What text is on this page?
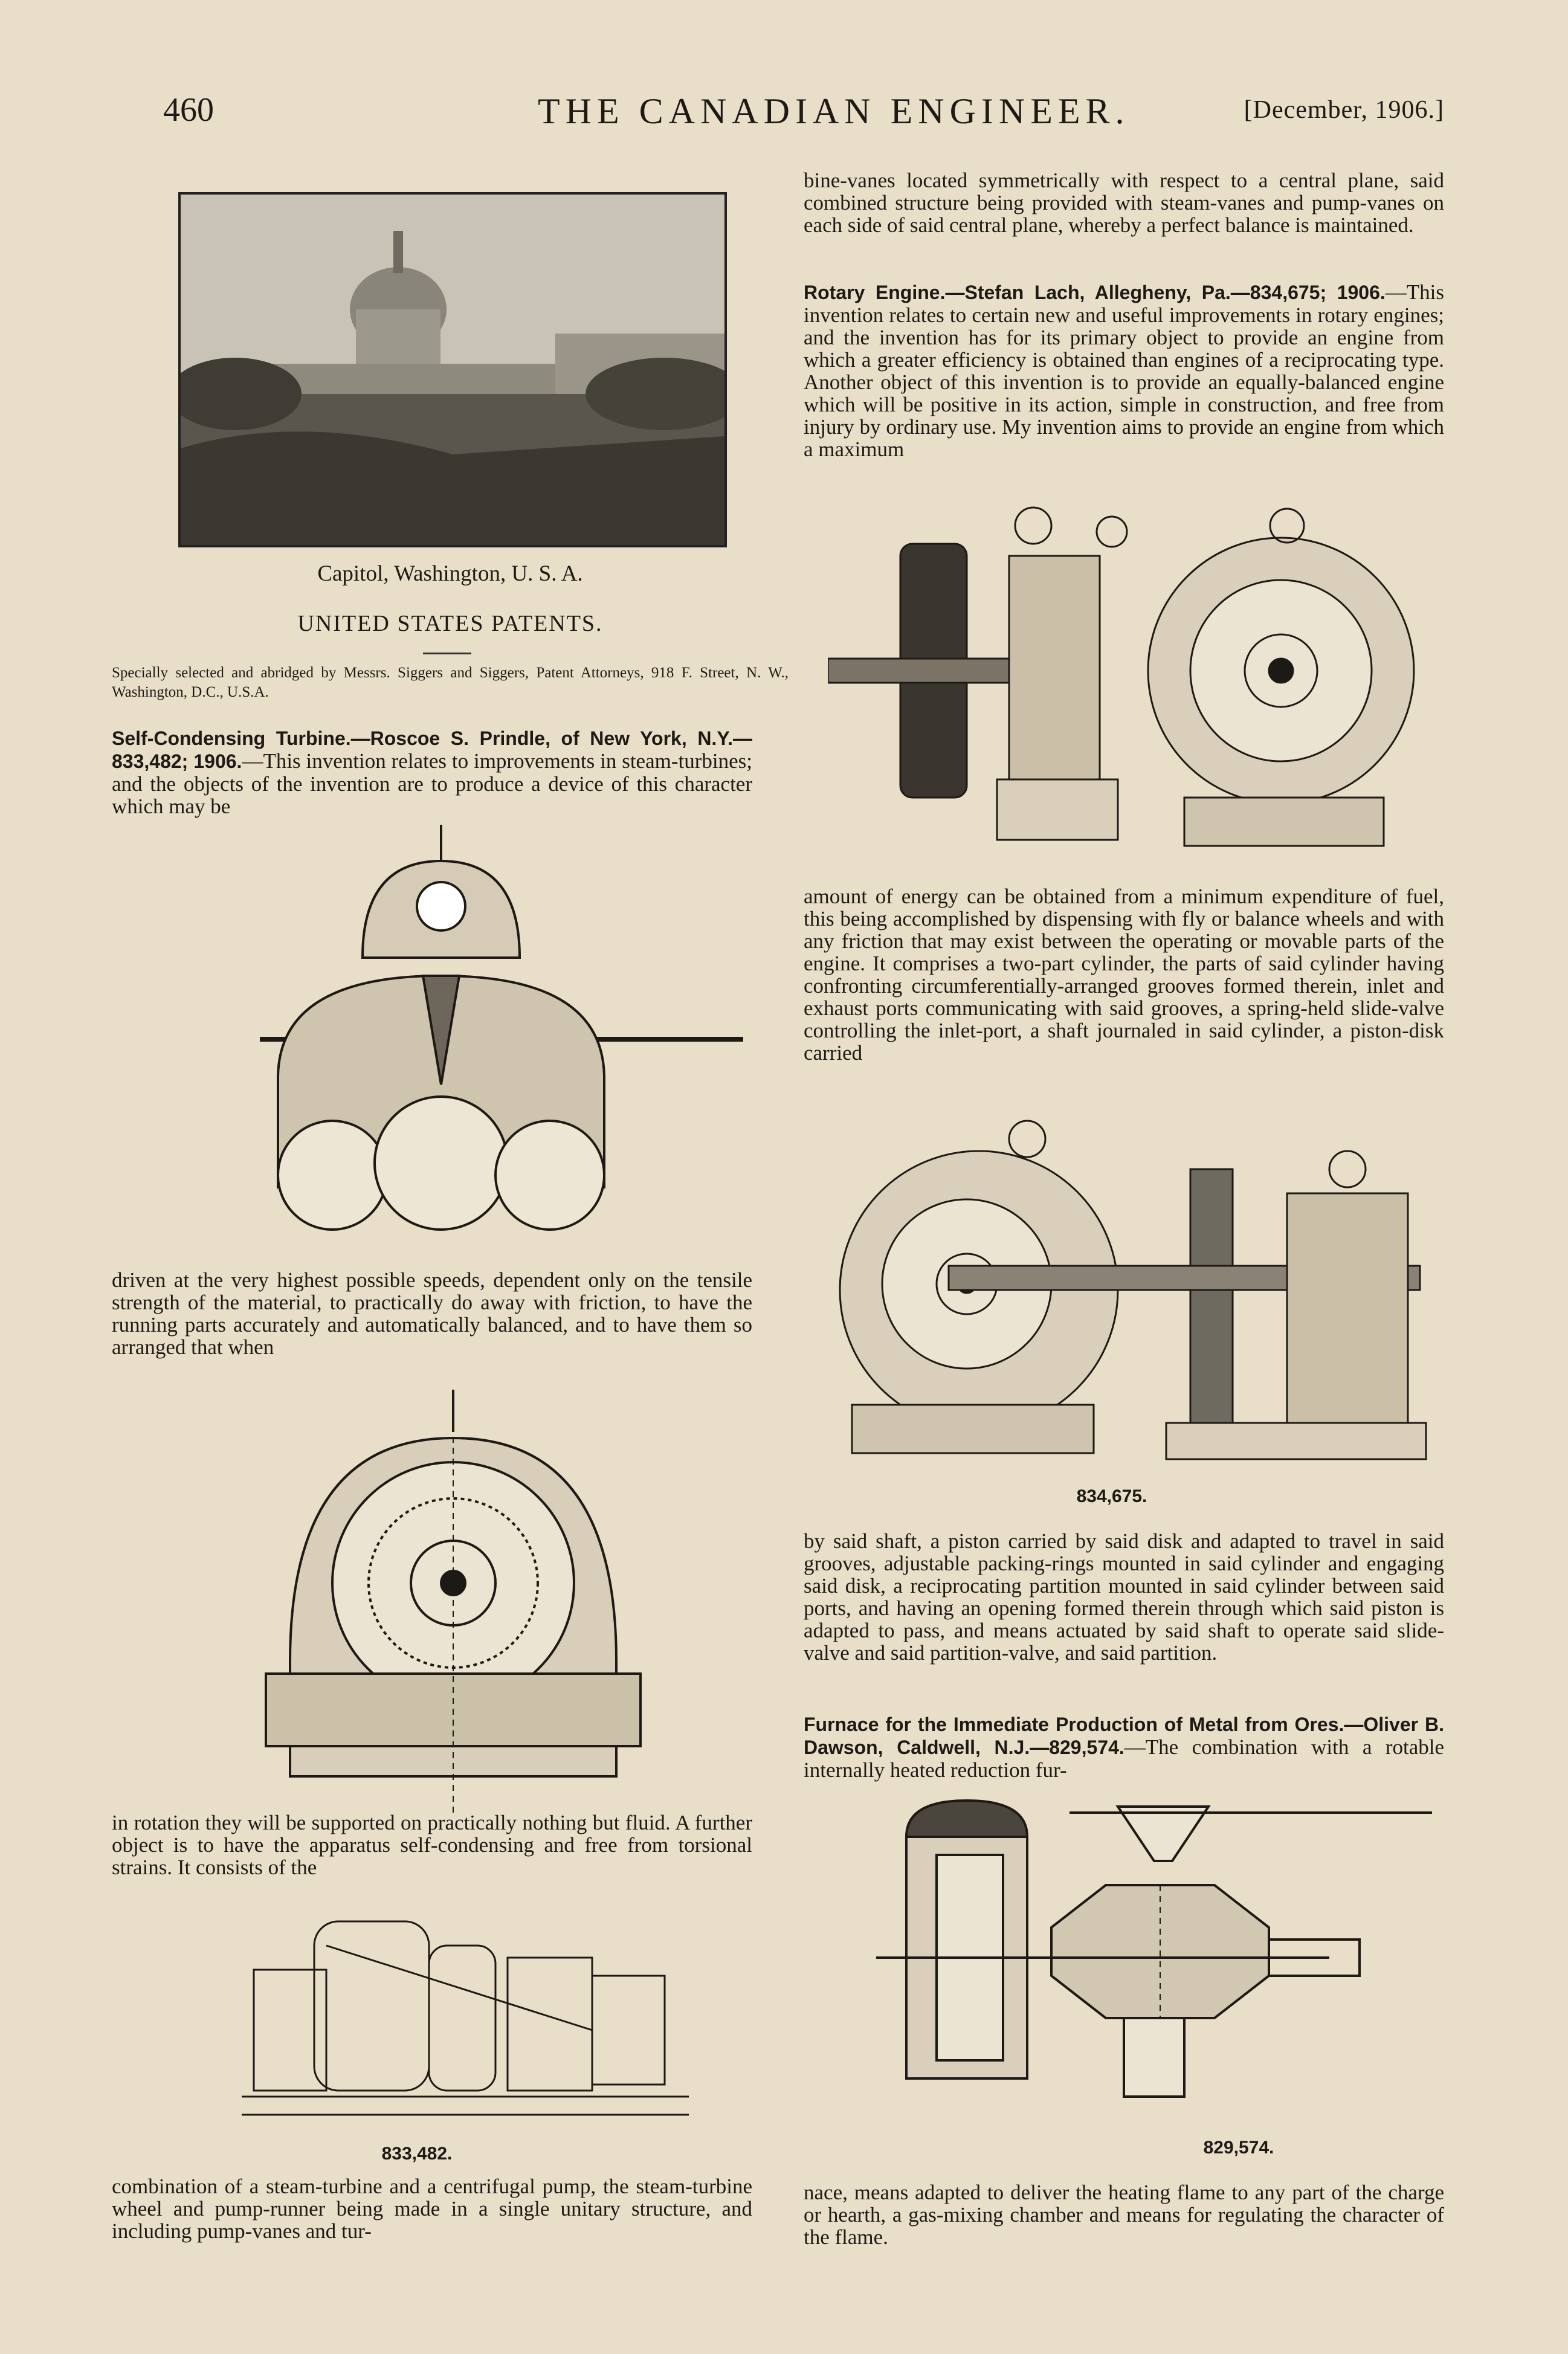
460	THE CANADIAN ENGINEER.	[December, 1906.]
Capitol, Washington, U. S. A.
UNITED STATES PATENTS.
Specially selected and abridged by Messrs. Siggers and Siggers, Patent Attorneys, 918 F. Street, N. W., Washington, D.C., U.S.A.

Self-Condensing Turbine.—Roscoe S. Prindle, of New York, N.Y.—833,482; 1906.—This invention relates to improvements in steam-turbines; and the objects of the invention are to produce a device of this character which may be

driven at the very highest possible speeds, dependent only on the tensile strength of the material, to practically do away with friction, to have the running parts accurately and automatically balanced, and to have them so arranged that when
in rotation they will be supported on practically nothing but fluid. A further object is to have the apparatus self-condensing and free from torsional strains. It consists of the
833,482.
combination of a steam-turbine and a centrifugal pump, the steam-turbine wheel and pump-runner being made in a single unitary structure, and including pump-vanes and tur-
bine-vanes located symmetrically with respect to a central plane, said combined structure being provided with steam-vanes and pump-vanes on each side of said central plane, whereby a perfect balance is maintained.

Rotary Engine.—Stefan Lach, Allegheny, Pa.—834,675; 1906.—This invention relates to certain new and useful improvements in rotary engines; and the invention has for its primary object to provide an engine from which a greater efficiency is obtained than engines of a reciprocating type. Another object of this invention is to provide an equally-balanced engine which will be positive in its action, simple in construction, and free from injury by ordinary use. My invention aims to provide an engine from which a maximum

amount of energy can be obtained from a minimum expenditure of fuel, this being accomplished by dispensing with fly or balance wheels and with any friction that may exist between the operating or movable parts of the engine. It comprises a two-part cylinder, the parts of said cylinder having confronting circumferentially-arranged grooves formed therein, inlet and exhaust ports communicating with said grooves, a spring-held slide-valve controlling the inlet-port, a shaft journaled in said cylinder, a piston-disk carried
834,675.
by said shaft, a piston carried by said disk and adapted to travel in said grooves, adjustable packing-rings mounted in said cylinder and engaging said disk, a reciprocating partition mounted in said cylinder between said ports, and having an opening formed therein through which said piston is adapted to pass, and means actuated by said shaft to operate said slide-valve and said partition-valve, and said partition.

Furnace for the Immediate Production of Metal from Ores.—Oliver B. Dawson, Caldwell, N.J.—829,574.—The combination with a rotable internally heated reduction fur-

829,574.
nace, means adapted to deliver the heating flame to any part of the charge or hearth, a gas-mixing chamber and means for regulating the character of the flame.
